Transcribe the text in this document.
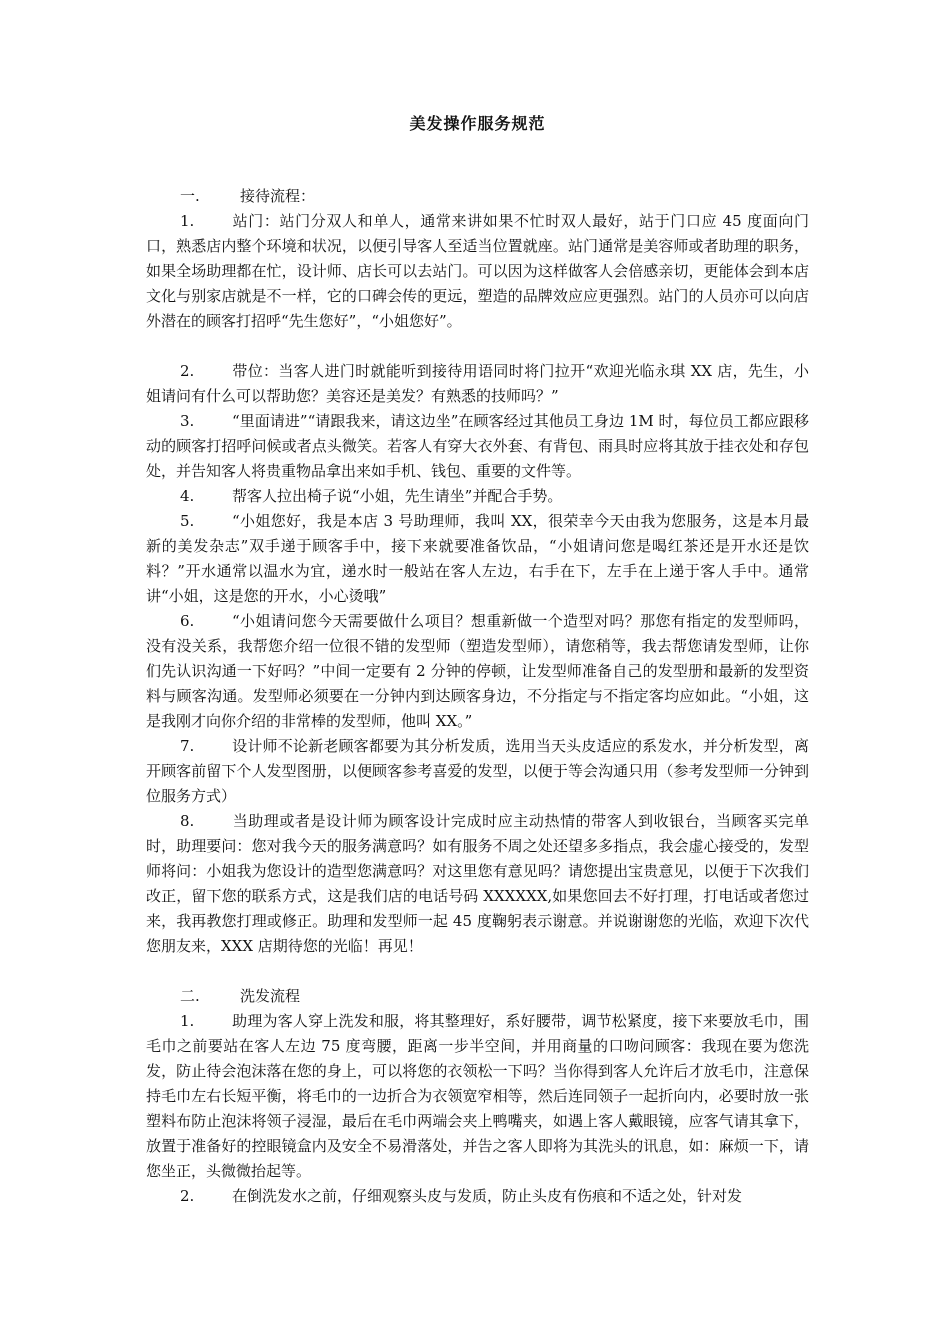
美发操作服务规范

一.	接待流程：

1.	站门：站门分双人和单人，通常来讲如果不忙时双人最好，站于门口应 45 度面向门口，熟悉店内整个环境和状况，以便引导客人至适当位置就座。站门通常是美容师或者助理的职务，如果全场助理都在忙，设计师、店长可以去站门。可以因为这样做客人会倍感亲切，更能体会到本店文化与别家店就是不一样，它的口碑会传的更远，塑造的品牌效应应更强烈。站门的人员亦可以向店外潜在的顾客打招呼“先生您好”，“小姐您好”。

2.	带位：当客人进门时就能听到接待用语同时将门拉开“欢迎光临永琪 XX 店，先生，小姐请问有什么可以帮助您？美容还是美发？有熟悉的技师吗？”

3.	“里面请进”“请跟我来，请这边坐”在顾客经过其他员工身边 1M 时，每位员工都应跟移动的顾客打招呼问候或者点头微笑。若客人有穿大衣外套、有背包、雨具时应将其放于挂衣处和存包处，并告知客人将贵重物品拿出来如手机、钱包、重要的文件等。

4.	帮客人拉出椅子说“小姐，先生请坐”并配合手势。

5.	“小姐您好，我是本店 3 号助理师，我叫 XX，很荣幸今天由我为您服务，这是本月最新的美发杂志”双手递于顾客手中，接下来就要准备饮品，“小姐请问您是喝红茶还是开水还是饮料？”开水通常以温水为宜，递水时一般站在客人左边，右手在下，左手在上递于客人手中。通常讲“小姐，这是您的开水，小心烫哦”

6.	“小姐请问您今天需要做什么项目？想重新做一个造型对吗？那您有指定的发型师吗，没有没关系，我帮您介绍一位很不错的发型师（塑造发型师），请您稍等，我去帮您请发型师，让你们先认识沟通一下好吗？”中间一定要有 2 分钟的停顿，让发型师准备自己的发型册和最新的发型资料与顾客沟通。发型师必须要在一分钟内到达顾客身边，不分指定与不指定客均应如此。“小姐，这是我刚才向你介绍的非常棒的发型师，他叫 XX。”

7.	设计师不论新老顾客都要为其分析发质，选用当天头皮适应的系发水，并分析发型，离开顾客前留下个人发型图册，以便顾客参考喜爱的发型，以便于等会沟通只用（参考发型师一分钟到位服务方式）

8.	当助理或者是设计师为顾客设计完成时应主动热情的带客人到收银台，当顾客买完单时，助理要问：您对我今天的服务满意吗？如有服务不周之处还望多多指点，我会虚心接受的，发型师将问：小姐我为您设计的造型您满意吗？对这里您有意见吗？请您提出宝贵意见，以便于下次我们改正，留下您的联系方式，这是我们店的电话号码 XXXXXX,如果您回去不好打理，打电话或者您过来，我再教您打理或修正。助理和发型师一起 45 度鞠躬表示谢意。并说谢谢您的光临，欢迎下次代您朋友来，XXX 店期待您的光临！再见！

二.	洗发流程

1.	助理为客人穿上洗发和服，将其整理好，系好腰带，调节松紧度，接下来要放毛巾，围毛巾之前要站在客人左边 75 度弯腰，距离一步半空间，并用商量的口吻问顾客：我现在要为您洗发，防止待会泡沫落在您的身上，可以将您的衣领松一下吗？当你得到客人允许后才放毛巾，注意保持毛巾左右长短平衡，将毛巾的一边折合为衣领宽窄相等，然后连同领子一起折向内，必要时放一张塑料布防止泡沫将领子浸湿，最后在毛巾两端会夹上鸭嘴夹，如遇上客人戴眼镜，应客气请其拿下，放置于准备好的控眼镜盒内及安全不易滑落处，并告之客人即将为其洗头的讯息，如：麻烦一下，请您坐正，头微微抬起等。

2.	在倒洗发水之前，仔细观察头皮与发质，防止头皮有伤痕和不适之处，针对发
